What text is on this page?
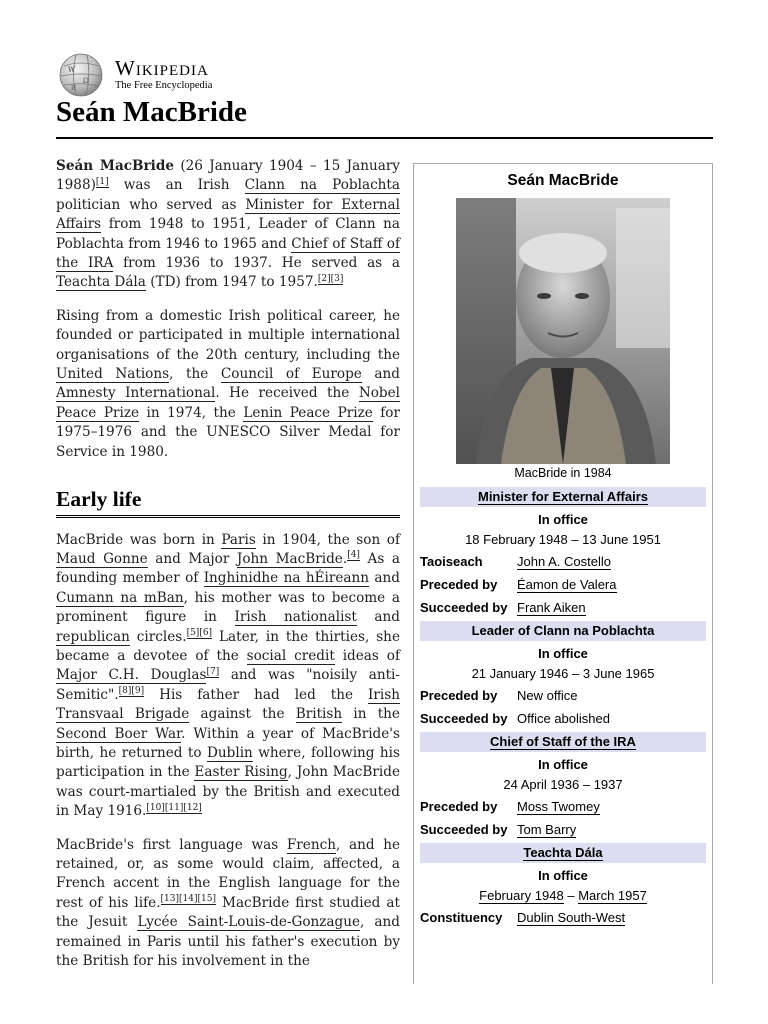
W
Ω
И
Wikipedia
The Free Encyclopedia
Seán MacBride

Seán MacBride (26 January 1904 – 15 January 1988)[1] was an Irish Clann na Poblachta politician who served as Minister for External Affairs from 1948 to 1951, Leader of Clann na Poblachta from 1946 to 1965 and Chief of Staff of the IRA from 1936 to 1937. He served as a Teachta Dála (TD) from 1947 to 1957.[2][3]

Rising from a domestic Irish political career, he founded or participated in multiple international organisations of the 20th century, including the United Nations, the Council of Europe and Amnesty International. He received the Nobel Peace Prize in 1974, the Lenin Peace Prize for 1975–1976 and the UNESCO Silver Medal for Service in 1980.

Early life

MacBride was born in Paris in 1904, the son of Maud Gonne and Major John MacBride.[4] As a founding member of Inghinidhe na hÉireann and Cumann na mBan, his mother was to become a prominent figure in Irish nationalist and republican circles.[5][6] Later, in the thirties, she became a devotee of the social credit ideas of Major C.H. Douglas[7] and was "noisily anti-Semitic".[8][9] His father had led the Irish Transvaal Brigade against the British in the Second Boer War. Within a year of MacBride's birth, he returned to Dublin where, following his participation in the Easter Rising, John MacBride was court-martialed by the British and executed in May 1916.[10][11][12]

MacBride's first language was French, and he retained, or, as some would claim, affected, a French accent in the English language for the rest of his life.[13][14][15] MacBride first studied at the Jesuit Lycée Saint-Louis-de-Gonzague, and remained in Paris until his father's execution by the British for his involvement in the

Seán MacBride
MacBride in 1984
Minister for External Affairs
In office
18 February 1948 – 13 June 1951
Taoiseach	John A. Costello
Preceded by	Éamon de Valera
Succeeded by Frank Aiken
Leader of Clann na Poblachta
In office
21 January 1946 – 3 June 1965
Preceded by	New office
Succeeded by Office abolished
Chief of Staff of the IRA
In office
24 April 1936 – 1937
Preceded by	Moss Twomey
Succeeded by Tom Barry
Teachta Dála
In office
February 1948 – March 1957
Constituency	Dublin South-West
